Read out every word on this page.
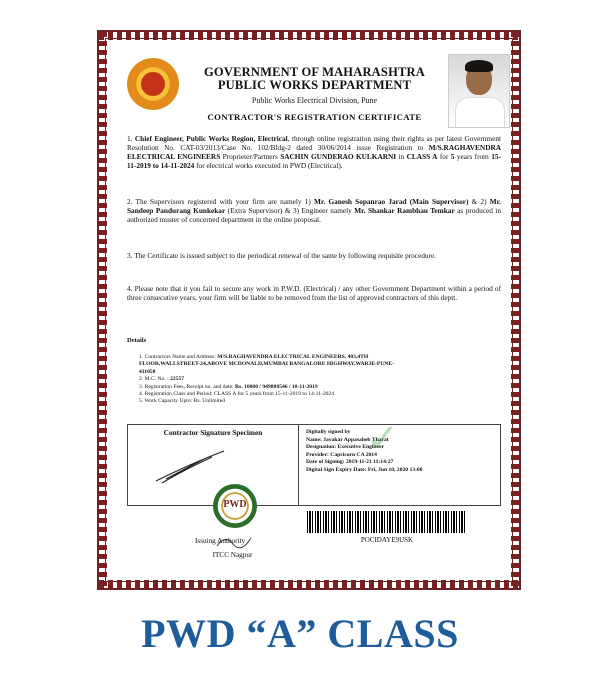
GOVERNMENT OF MAHARASHTRA
PUBLIC WORKS DEPARTMENT
Public Works Electrical Division, Pune
CONTRACTOR'S REGISTRATION CERTIFICATE
1. Chief Engineer, Public Works Region, Electrical, through online registration using their rights as per latest Government Resolution No. CAT-03/2013/Case No. 102/Bldg-2 dated 30/06/2014 issue Registration to M/S.RAGHAVENDRA ELECTRICAL ENGINEERS Proprieter/Partners SACHIN GUNDERAO KULKARNI in CLASS A for 5 years from 15-11-2019 to 14-11-2024 for electrical works executed in PWD (Electrical).
2. The Supervisors registered with your firm are namely 1) Mr. Ganesh Sopanrao Jarad (Main Supervisor) & 2) Mr. Sandeep Pandurang Kunkekar (Extra Supervisor) & 3) Engineer namely Mr. Shankar Rambhau Temkar as produced in authorized muster of concerned department in the online proposal.
3. The Certificate is issued subject to the periodical renewal of the same by following requisite procedure.
4. Please note that it you fail to secure any work in P.W.D. (Electrical) / any other Government Department within a period of three consecutive years, your firm will be liable to be removed from the list of approved contractors of this deptt.
Details
1. Contractors Name and Address: M/S.RAGHAVENDRA ELECTRICAL ENGINEERS, 403,4TH
FLOOR,WALLSTREET-24,ABOVE MCDONALD,MUMBAI BANGALORE HIGHWAY,WARJE-PUNE-
411058
2. M.C. No. : 22557
3. Registration Fees, Receipt no. and date: Rs. 10000 / 949888546 / 18-11-2019
4. Registration Class and Period: CLASS A for 5 years from 15-11-2019 to 14-11-2024
5. Work Capacity Upto: Rs. Unlimited
Contractor Signature Specimen	✓
Digitally signed by
Name: Jayakar Appasaheb Tharat
Designation: Executive Engineer
Provider: Capricorn CA 2014
Date of Signing: 2019-11-21 11:14:27
Digital Sign Expiry Date: Fri, Jun 10, 2020 13:00
PWD
Issuing Authority
ITCC Nagpur
POCIDAYE9USK
PWD “A” CLASS
